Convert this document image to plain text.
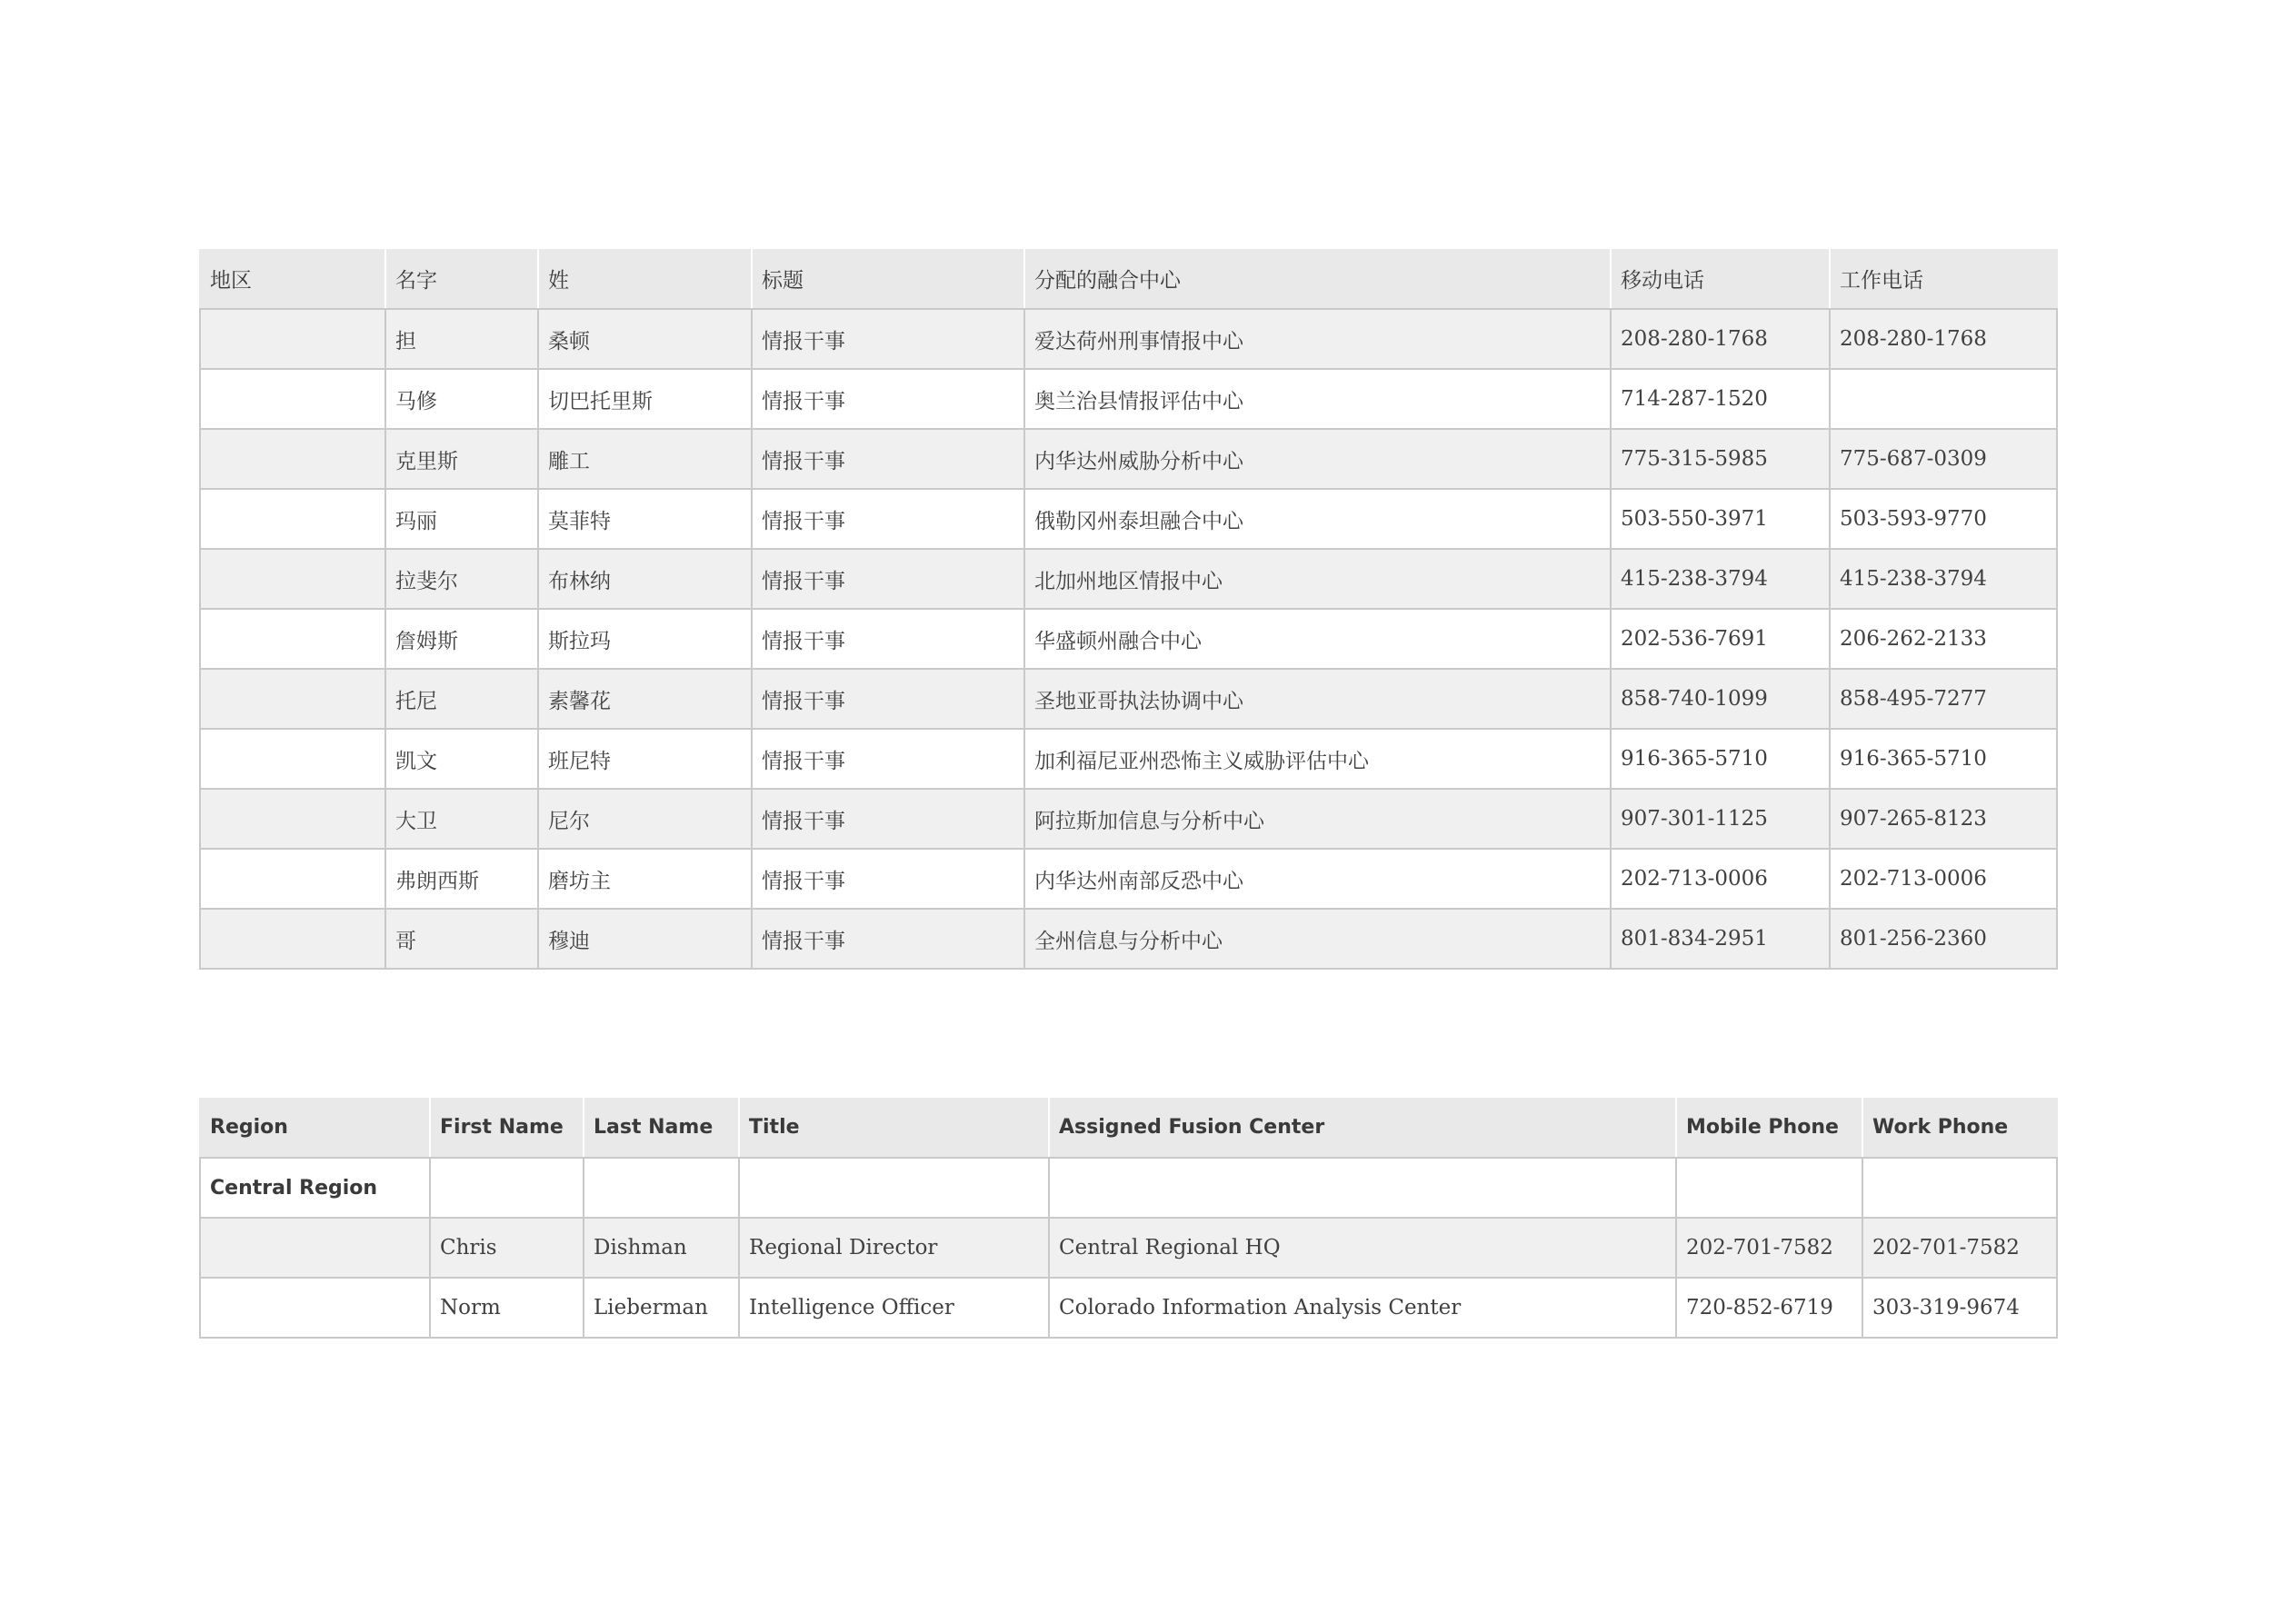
地区	名字	姓	标题	分配的融合中心	移动电话	工作电话
	担	桑顿	情报干事	爱达荷州刑事情报中心	208-280-1768	208-280-1768
	马修	切巴托里斯	情报干事	奥兰治县情报评估中心	714-287-1520	
	克里斯	雕工	情报干事	内华达州威胁分析中心	775-315-5985	775-687-0309
	玛丽	莫菲特	情报干事	俄勒冈州泰坦融合中心	503-550-3971	503-593-9770
	拉斐尔	布林纳	情报干事	北加州地区情报中心	415-238-3794	415-238-3794
	詹姆斯	斯拉玛	情报干事	华盛顿州融合中心	202-536-7691	206-262-2133
	托尼	素馨花	情报干事	圣地亚哥执法协调中心	858-740-1099	858-495-7277
	凯文	班尼特	情报干事	加利福尼亚州恐怖主义威胁评估中心	916-365-5710	916-365-5710
	大卫	尼尔	情报干事	阿拉斯加信息与分析中心	907-301-1125	907-265-8123
	弗朗西斯	磨坊主	情报干事	内华达州南部反恐中心	202-713-0006	202-713-0006
	哥	穆迪	情报干事	全州信息与分析中心	801-834-2951	801-256-2360
Region	First Name	Last Name	Title	Assigned Fusion Center	Mobile Phone	Work Phone
Central Region						
	Chris	Dishman	Regional Director	Central Regional HQ	202-701-7582	202-701-7582
	Norm	Lieberman	Intelligence Officer	Colorado Information Analysis Center	720-852-6719	303-319-9674
